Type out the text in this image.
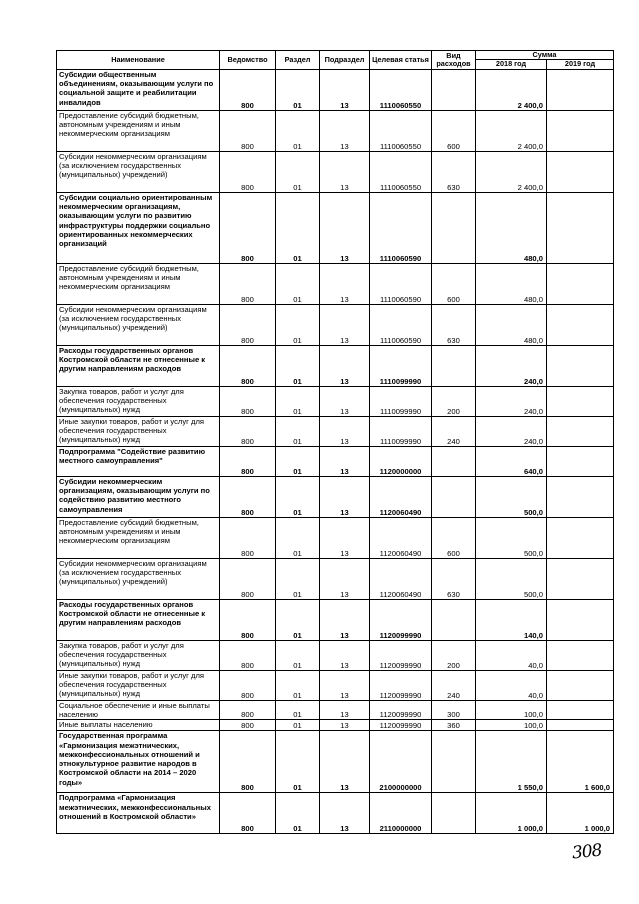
Наименование	Ведомство	Раздел	Подраздел	Целевая статья	Вид расходов	Сумма	
						2018 год	2019 год
Субсидии общественным объединениям, оказывающим услуги по социальной защите и реабилитации инвалидов	800	01	13	1110060550		2 400,0	
Предоставление субсидий бюджетным, автономным учреждениям и иным некоммерческим организациям	800	01	13	1110060550	600	2 400,0	
Субсидии некоммерческим организациям (за исключением государственных (муниципальных) учреждений)	800	01	13	1110060550	630	2 400,0	
Субсидии социально ориентированным некоммерческим организациям, оказывающим услуги по развитию инфраструктуры поддержки социально ориентированных некоммерческих организаций	800	01	13	1110060590		480,0	
Предоставление субсидий бюджетным, автономным учреждениям и иным некоммерческим организациям	800	01	13	1110060590	600	480,0	
Субсидии некоммерческим организациям (за исключением государственных (муниципальных) учреждений)	800	01	13	1110060590	630	480,0	
Расходы государственных органов Костромской области не отнесенные к другим направлениям расходов	800	01	13	1110099990		240,0	
Закупка товаров, работ и услуг для обеспечения государственных (муниципальных) нужд	800	01	13	1110099990	200	240,0	
Иные закупки товаров, работ и услуг для обеспечения государственных (муниципальных) нужд	800	01	13	1110099990	240	240,0	
Подпрограмма "Содействие развитию местного самоуправления"	800	01	13	1120000000		640,0	
Субсидии некоммерческим организациям, оказывающим услуги по содействию развитию местного самоуправления	800	01	13	1120060490		500,0	
Предоставление субсидий бюджетным, автономным учреждениям и иным некоммерческим организациям	800	01	13	1120060490	600	500,0	
Субсидии некоммерческим организациям (за исключением государственных (муниципальных) учреждений)	800	01	13	1120060490	630	500,0	
Расходы государственных органов Костромской области не отнесенные к другим направлениям расходов	800	01	13	1120099990		140,0	
Закупка товаров, работ и услуг для обеспечения государственных (муниципальных) нужд	800	01	13	1120099990	200	40,0	
Иные закупки товаров, работ и услуг для обеспечения государственных (муниципальных) нужд	800	01	13	1120099990	240	40,0	
Социальное обеспечение и иные выплаты населению	800	01	13	1120099990	300	100,0	
Иные выплаты населению	800	01	13	1120099990	360	100,0	
Государственная программа «Гармонизация межэтнических, межконфессиональных отношений и этнокультурное развитие народов в Костромской области на 2014 – 2020 годы»	800	01	13	2100000000		1 550,0	1 600,0
Подпрограмма «Гармонизация межэтнических, межконфессиональных отношений в Костромской области»	800	01	13	2110000000		1 000,0	1 000,0
308
